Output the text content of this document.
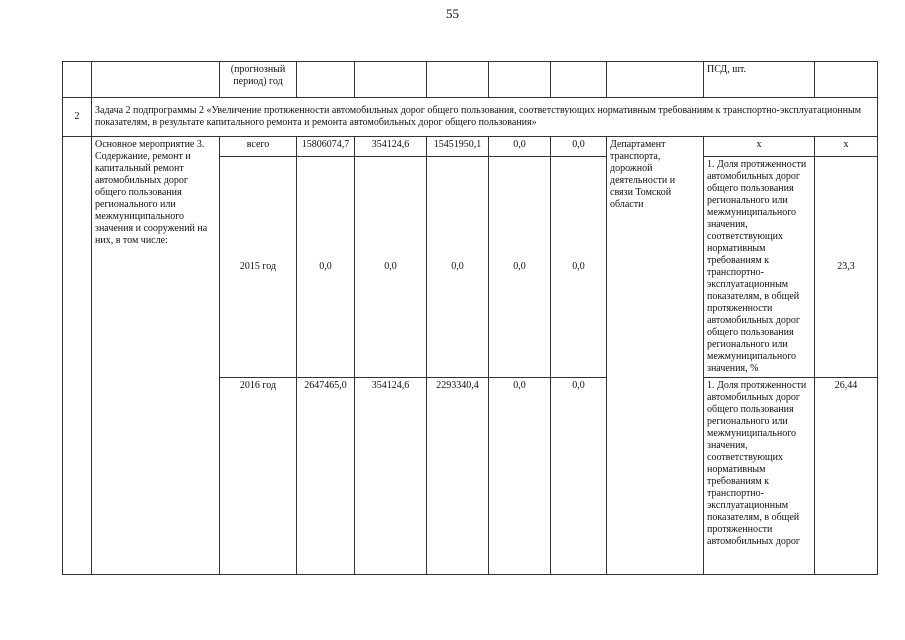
55
		(прогнозный период) год							ПСД, шт.	
2	Задача 2 подпрограммы 2 «Увеличение протяженности автомобильных дорог общего пользования, соответствующих нормативным требованиям к транспортно-эксплуатационным показателям, в результате капитального ремонта и ремонта автомобильных дорог общего пользования»									
	Основное мероприятие 3. Содержание, ремонт и капитальный ремонт автомобильных дорог общего пользования регионального или межмуниципального значения и сооружений на них, в том числе:	всего	15806074,7	354124,6	15451950,1	0,0	0,0	Департамент транспорта, дорожной деятельности и связи Томской области	х	х
		2015 год	0,0	0,0	0,0	0,0	0,0		1. Доля протяженности автомобильных дорог общего пользования регионального или межмуниципального значения, соответствующих нормативным требованиям к транспортно-эксплуатационным показателям, в общей протяженности автомобильных дорог общего пользования регионального или межмуниципального значения, %	23,3
		2016 год	2647465,0	354124,6	2293340,4	0,0	0,0		1. Доля протяженности автомобильных дорог общего пользования регионального или межмуниципального значения, соответствующих нормативным требованиям к транспортно-эксплуатационным показателям, в общей протяженности автомобильных дорог	26,44
